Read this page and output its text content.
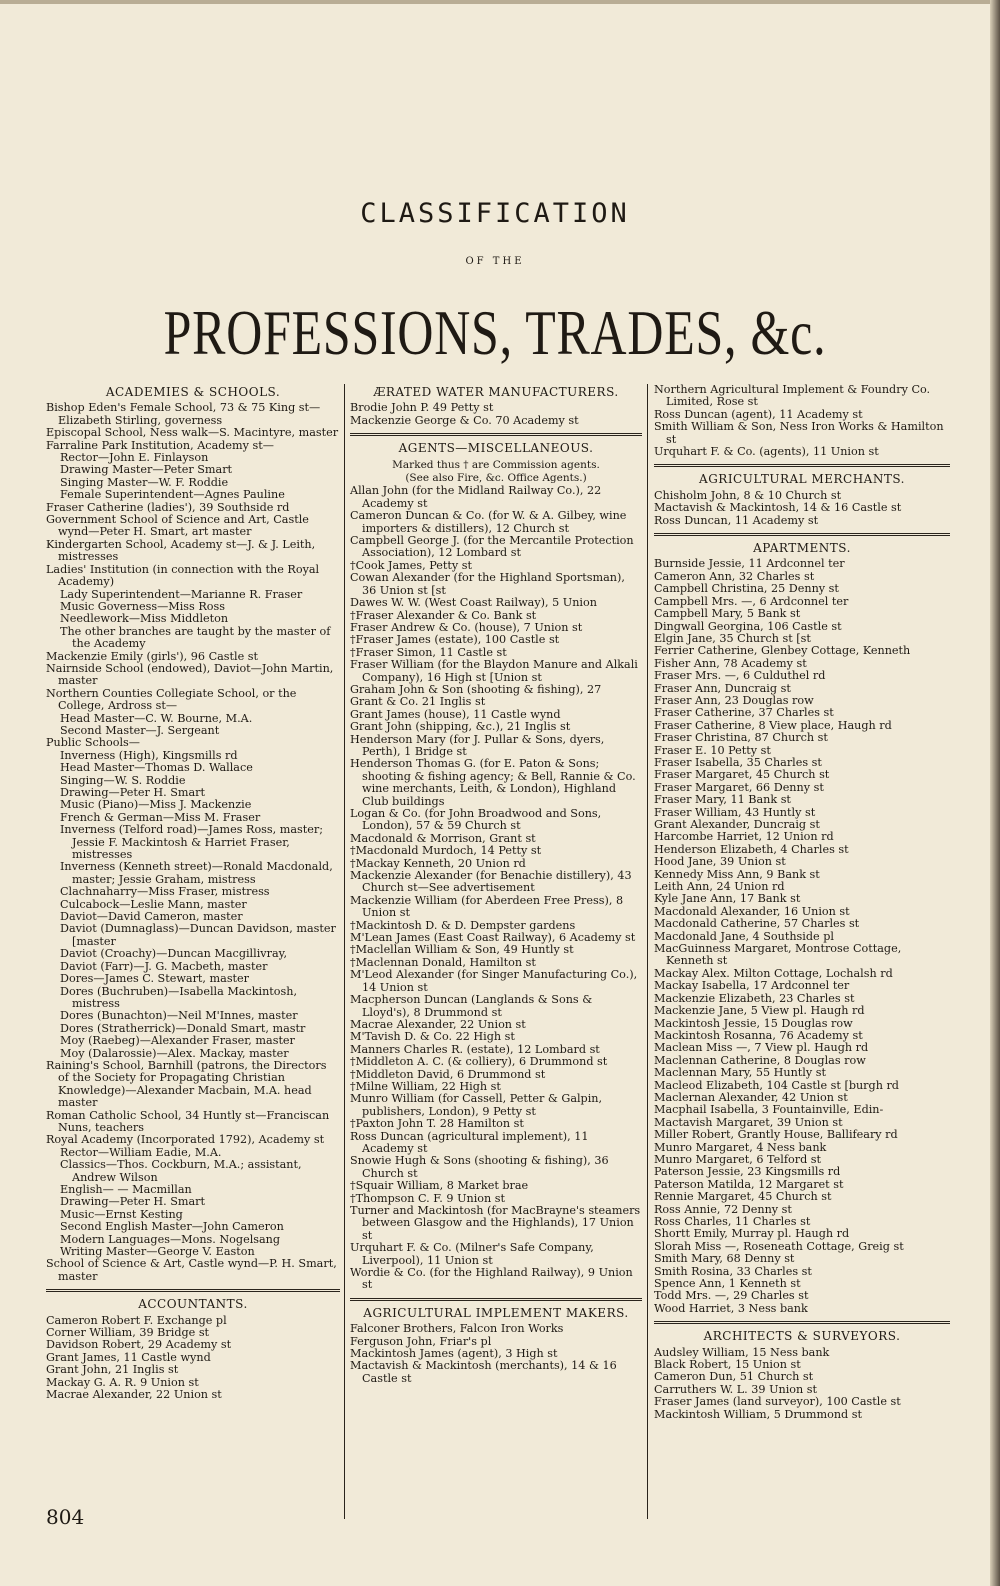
CLASSIFICATION
OF THE
PROFESSIONS, TRADES, &c.
ACADEMIES & SCHOOLS.
Bishop Eden's Female School, 73 & 75 King st—Elizabeth Stirling, governess
Episcopal School, Ness walk—S. Macintyre, master
Farraline Park Institution, Academy st—
Rector—John E. Finlayson
Drawing Master—Peter Smart
Singing Master—W. F. Roddie
Female Superintendent—Agnes Pauline
Fraser Catherine (ladies'), 39 Southside rd
Government School of Science and Art, Castle wynd—Peter H. Smart, art master
Kindergarten School, Academy st—J. & J. Leith, mistresses
Ladies' Institution (in connection with the Royal Academy)
Lady Superintendent—Marianne R. Fraser
Music Governess—Miss Ross
Needlework—Miss Middleton
The other branches are taught by the master of the Academy
Mackenzie Emily (girls'), 96 Castle st
Nairnside School (endowed), Daviot—John Martin, master
Northern Counties Collegiate School, or the College, Ardross st—
Head Master—C. W. Bourne, M.A.
Second Master—J. Sergeant
Public Schools—
Inverness (High), Kingsmills rd
Head Master—Thomas D. Wallace
Singing—W. S. Roddie
Drawing—Peter H. Smart
Music (Piano)—Miss J. Mackenzie
French & German—Miss M. Fraser
Inverness (Telford road)—James Ross, master; Jessie F. Mackintosh & Harriet Fraser, mistresses
Inverness (Kenneth street)—Ronald Macdonald, master; Jessie Graham, mistress
Clachnaharry—Miss Fraser, mistress
Culcabock—Leslie Mann, master
Daviot—David Cameron, master
Daviot (Dumnaglass)—Duncan Davidson, master [master
Daviot (Croachy)—Duncan Macgillivray,
Daviot (Farr)—J. G. Macbeth, master
Dores—James C. Stewart, master
Dores (Buchruben)—Isabella Mackintosh, mistress
Dores (Bunachton)—Neil M'Innes, master
Dores (Stratherrick)—Donald Smart, mastr
Moy (Raebeg)—Alexander Fraser, master
Moy (Dalarossie)—Alex. Mackay, master
Raining's School, Barnhill (patrons, the Directors of the Society for Propagating Christian Knowledge)—Alexander Macbain, M.A. head master
Roman Catholic School, 34 Huntly st—Franciscan Nuns, teachers
Royal Academy (Incorporated 1792), Academy st
Rector—William Eadie, M.A.
Classics—Thos. Cockburn, M.A.; assistant, Andrew Wilson
English— — Macmillan
Drawing—Peter H. Smart
Music—Ernst Kesting
Second English Master—John Cameron
Modern Languages—Mons. Nogelsang
Writing Master—George V. Easton
School of Science & Art, Castle wynd—P. H. Smart, master
ACCOUNTANTS.
Cameron Robert F. Exchange pl
Corner William, 39 Bridge st
Davidson Robert, 29 Academy st
Grant James, 11 Castle wynd
Grant John, 21 Inglis st
Mackay G. A. R. 9 Union st
Macrae Alexander, 22 Union st
ÆRATED WATER MANUFACTURERS.
Brodie John P. 49 Petty st
Mackenzie George & Co. 70 Academy st
AGENTS—MISCELLANEOUS.
Marked thus † are Commission agents.
(See also Fire, &c. Office Agents.)
Allan John (for the Midland Railway Co.), 22 Academy st
Cameron Duncan & Co. (for W. & A. Gilbey, wine importers & distillers), 12 Church st
Campbell George J. (for the Mercantile Protection Association), 12 Lombard st
†Cook James, Petty st
Cowan Alexander (for the Highland Sportsman), 36 Union st [st
Dawes W. W. (West Coast Railway), 5 Union
†Fraser Alexander & Co. Bank st
Fraser Andrew & Co. (house), 7 Union st
†Fraser James (estate), 100 Castle st
†Fraser Simon, 11 Castle st
Fraser William (for the Blaydon Manure and Alkali Company), 16 High st [Union st
Graham John & Son (shooting & fishing), 27
Grant & Co. 21 Inglis st
Grant James (house), 11 Castle wynd
Grant John (shipping, &c.), 21 Inglis st
Henderson Mary (for J. Pullar & Sons, dyers, Perth), 1 Bridge st
Henderson Thomas G. (for E. Paton & Sons; shooting & fishing agency; & Bell, Rannie & Co. wine merchants, Leith, & London), Highland Club buildings
Logan & Co. (for John Broadwood and Sons, London), 57 & 59 Church st
Macdonald & Morrison, Grant st
†Macdonald Murdoch, 14 Petty st
†Mackay Kenneth, 20 Union rd
Mackenzie Alexander (for Benachie distillery), 43 Church st—See advertisement
Mackenzie William (for Aberdeen Free Press), 8 Union st
†Mackintosh D. & D. Dempster gardens
M'Lean James (East Coast Railway), 6 Academy st
†Maclellan William & Son, 49 Huntly st
†Maclennan Donald, Hamilton st
M'Leod Alexander (for Singer Manufacturing Co.), 14 Union st
Macpherson Duncan (Langlands & Sons & Lloyd's), 8 Drummond st
Macrae Alexander, 22 Union st
M'Tavish D. & Co. 22 High st
Manners Charles R. (estate), 12 Lombard st
†Middleton A. C. (& colliery), 6 Drummond st
†Middleton David, 6 Drummond st
†Milne William, 22 High st
Munro William (for Cassell, Petter & Galpin, publishers, London), 9 Petty st
†Paxton John T. 28 Hamilton st
Ross Duncan (agricultural implement), 11 Academy st
Snowie Hugh & Sons (shooting & fishing), 36 Church st
†Squair William, 8 Market brae
†Thompson C. F. 9 Union st
Turner and Mackintosh (for MacBrayne's steamers between Glasgow and the Highlands), 17 Union st
Urquhart F. & Co. (Milner's Safe Company, Liverpool), 11 Union st
Wordie & Co. (for the Highland Railway), 9 Union st
AGRICULTURAL IMPLEMENT MAKERS.
Falconer Brothers, Falcon Iron Works
Ferguson John, Friar's pl
Mackintosh James (agent), 3 High st
Mactavish & Mackintosh (merchants), 14 & 16 Castle st
Northern Agricultural Implement & Foundry Co. Limited, Rose st
Ross Duncan (agent), 11 Academy st
Smith William & Son, Ness Iron Works & Hamilton st
Urquhart F. & Co. (agents), 11 Union st
AGRICULTURAL MERCHANTS.
Chisholm John, 8 & 10 Church st
Mactavish & Mackintosh, 14 & 16 Castle st
Ross Duncan, 11 Academy st
APARTMENTS.
Burnside Jessie, 11 Ardconnel ter
Cameron Ann, 32 Charles st
Campbell Christina, 25 Denny st
Campbell Mrs. —, 6 Ardconnel ter
Campbell Mary, 5 Bank st
Dingwall Georgina, 106 Castle st
Elgin Jane, 35 Church st [st
Ferrier Catherine, Glenbey Cottage, Kenneth
Fisher Ann, 78 Academy st
Fraser Mrs. —, 6 Culduthel rd
Fraser Ann, Duncraig st
Fraser Ann, 23 Douglas row
Fraser Catherine, 37 Charles st
Fraser Catherine, 8 View place, Haugh rd
Fraser Christina, 87 Church st
Fraser E. 10 Petty st
Fraser Isabella, 35 Charles st
Fraser Margaret, 45 Church st
Fraser Margaret, 66 Denny st
Fraser Mary, 11 Bank st
Fraser William, 43 Huntly st
Grant Alexander, Duncraig st
Harcombe Harriet, 12 Union rd
Henderson Elizabeth, 4 Charles st
Hood Jane, 39 Union st
Kennedy Miss Ann, 9 Bank st
Leith Ann, 24 Union rd
Kyle Jane Ann, 17 Bank st
Macdonald Alexander, 16 Union st
Macdonald Catherine, 57 Charles st
Macdonald Jane, 4 Southside pl
MacGuinness Margaret, Montrose Cottage, Kenneth st
Mackay Alex. Milton Cottage, Lochalsh rd
Mackay Isabella, 17 Ardconnel ter
Mackenzie Elizabeth, 23 Charles st
Mackenzie Jane, 5 View pl. Haugh rd
Mackintosh Jessie, 15 Douglas row
Mackintosh Rosanna, 76 Academy st
Maclean Miss —, 7 View pl. Haugh rd
Maclennan Catherine, 8 Douglas row
Maclennan Mary, 55 Huntly st
Macleod Elizabeth, 104 Castle st [burgh rd
Maclernan Alexander, 42 Union st
Macphail Isabella, 3 Fountainville, Edin-
Mactavish Margaret, 39 Union st
Miller Robert, Grantly House, Ballifeary rd
Munro Margaret, 4 Ness bank
Munro Margaret, 6 Telford st
Paterson Jessie, 23 Kingsmills rd
Paterson Matilda, 12 Margaret st
Rennie Margaret, 45 Church st
Ross Annie, 72 Denny st
Ross Charles, 11 Charles st
Shortt Emily, Murray pl. Haugh rd
Slorah Miss —, Roseneath Cottage, Greig st
Smith Mary, 68 Denny st
Smith Rosina, 33 Charles st
Spence Ann, 1 Kenneth st
Todd Mrs. —, 29 Charles st
Wood Harriet, 3 Ness bank
ARCHITECTS & SURVEYORS.
Audsley William, 15 Ness bank
Black Robert, 15 Union st
Cameron Dun, 51 Church st
Carruthers W. L. 39 Union st
Fraser James (land surveyor), 100 Castle st
Mackintosh William, 5 Drummond st
804
